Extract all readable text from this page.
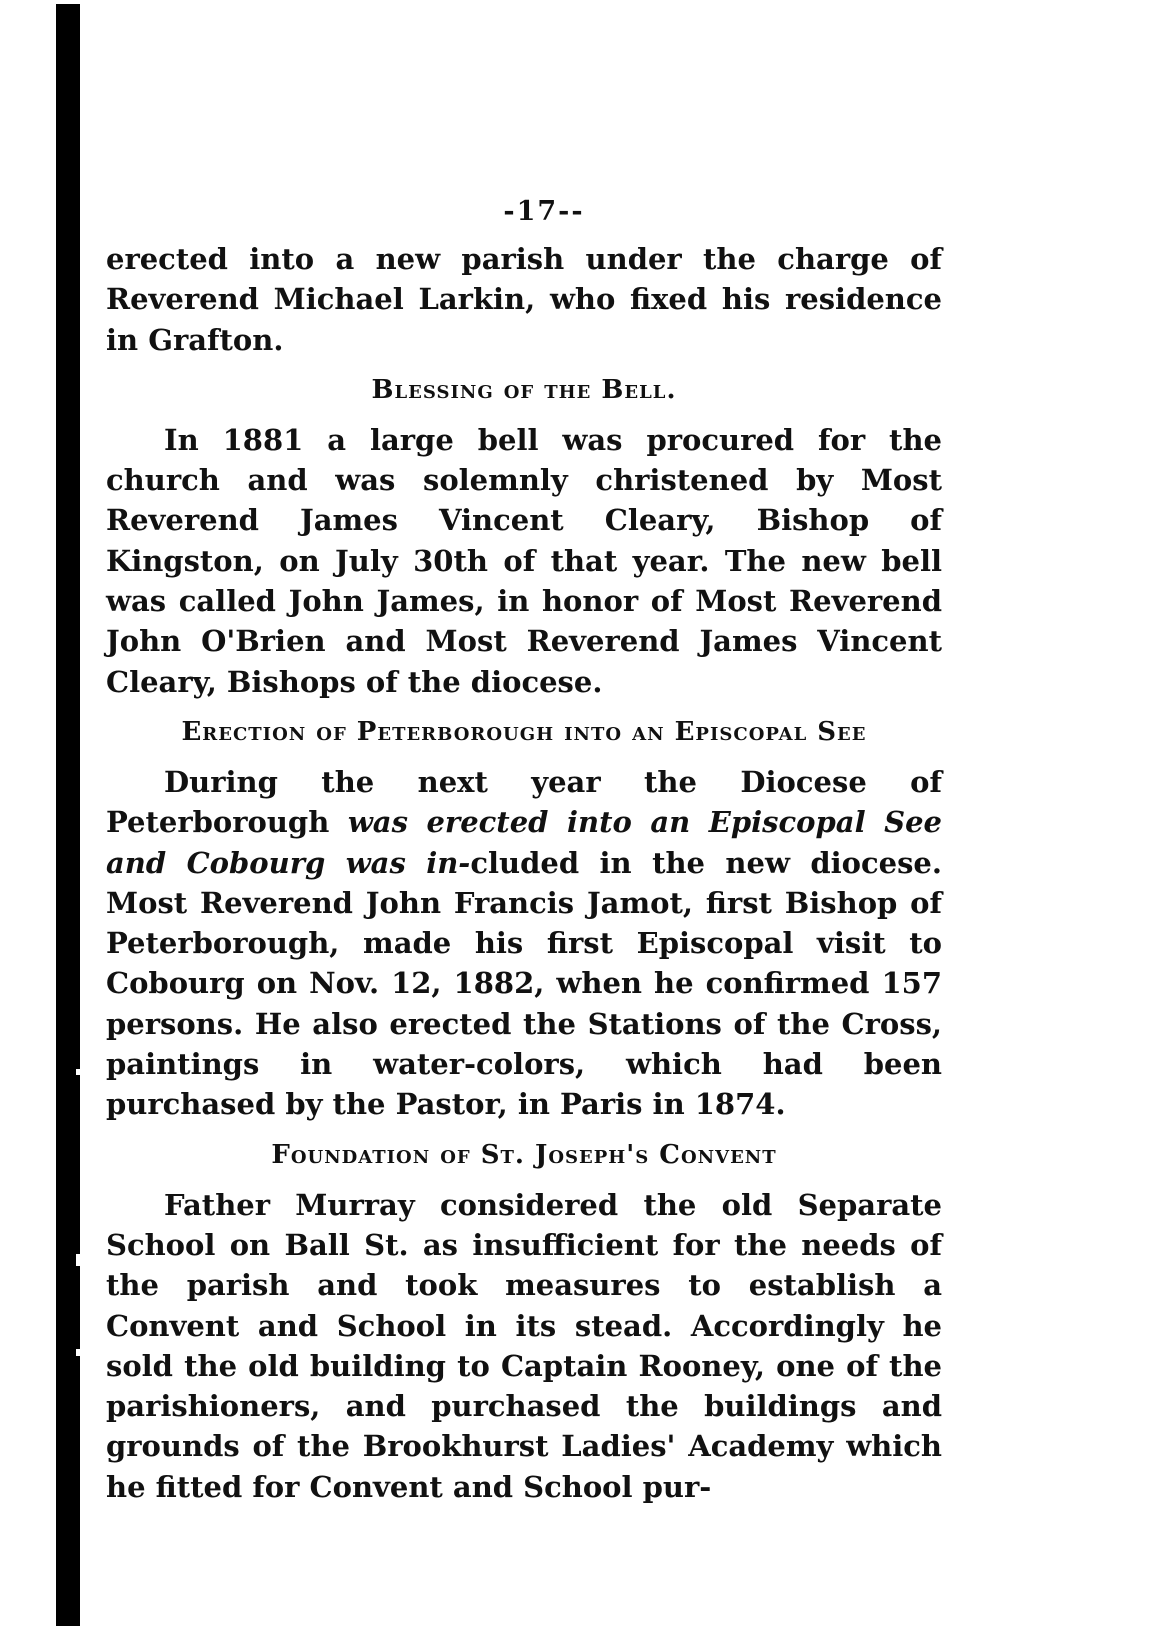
-17--

erected into a new parish under the charge of Reverend Michael Larkin, who fixed his residence in Grafton.

Blessing of the Bell.

In 1881 a large bell was procured for the church and was solemnly christened by Most Reverend James Vincent Cleary, Bishop of Kingston, on July 30th of that year. The new bell was called John James, in honor of Most Reverend John O'Brien and Most Reverend James Vincent Cleary, Bishops of the diocese.

Erection of Peterborough into an Episcopal See

During the next year the Diocese of Peterborough was erected into an Episcopal See and Cobourg was in-cluded in the new diocese. Most Reverend John Francis Jamot, first Bishop of Peterborough, made his first Episcopal visit to Cobourg on Nov. 12, 1882, when he confirmed 157 persons. He also erected the Stations of the Cross, paintings in water-colors, which had been purchased by the Pastor, in Paris in 1874.

Foundation of St. Joseph's Convent

Father Murray considered the old Separate School on Ball St. as insufficient for the needs of the parish and took measures to establish a Convent and School in its stead. Accordingly he sold the old building to Captain Rooney, one of the parishioners, and purchased the buildings and grounds of the Brookhurst Ladies' Academy which he fitted for Convent and School pur-
